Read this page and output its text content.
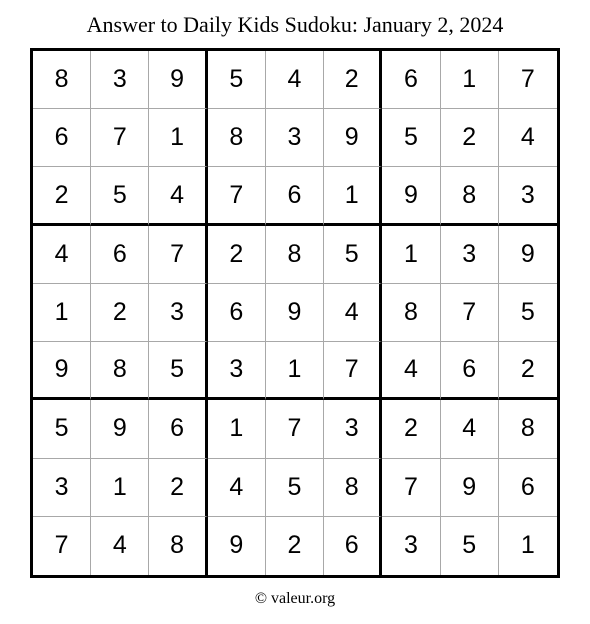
Answer to Daily Kids Sudoku: January 2, 2024
8	3	9	5	4	2	6	1	7
6	7	1	8	3	9	5	2	4
2	5	4	7	6	1	9	8	3
4	6	7	2	8	5	1	3	9
1	2	3	6	9	4	8	7	5
9	8	5	3	1	7	4	6	2
5	9	6	1	7	3	2	4	8
3	1	2	4	5	8	7	9	6
7	4	8	9	2	6	3	5	1
© valeur.org
